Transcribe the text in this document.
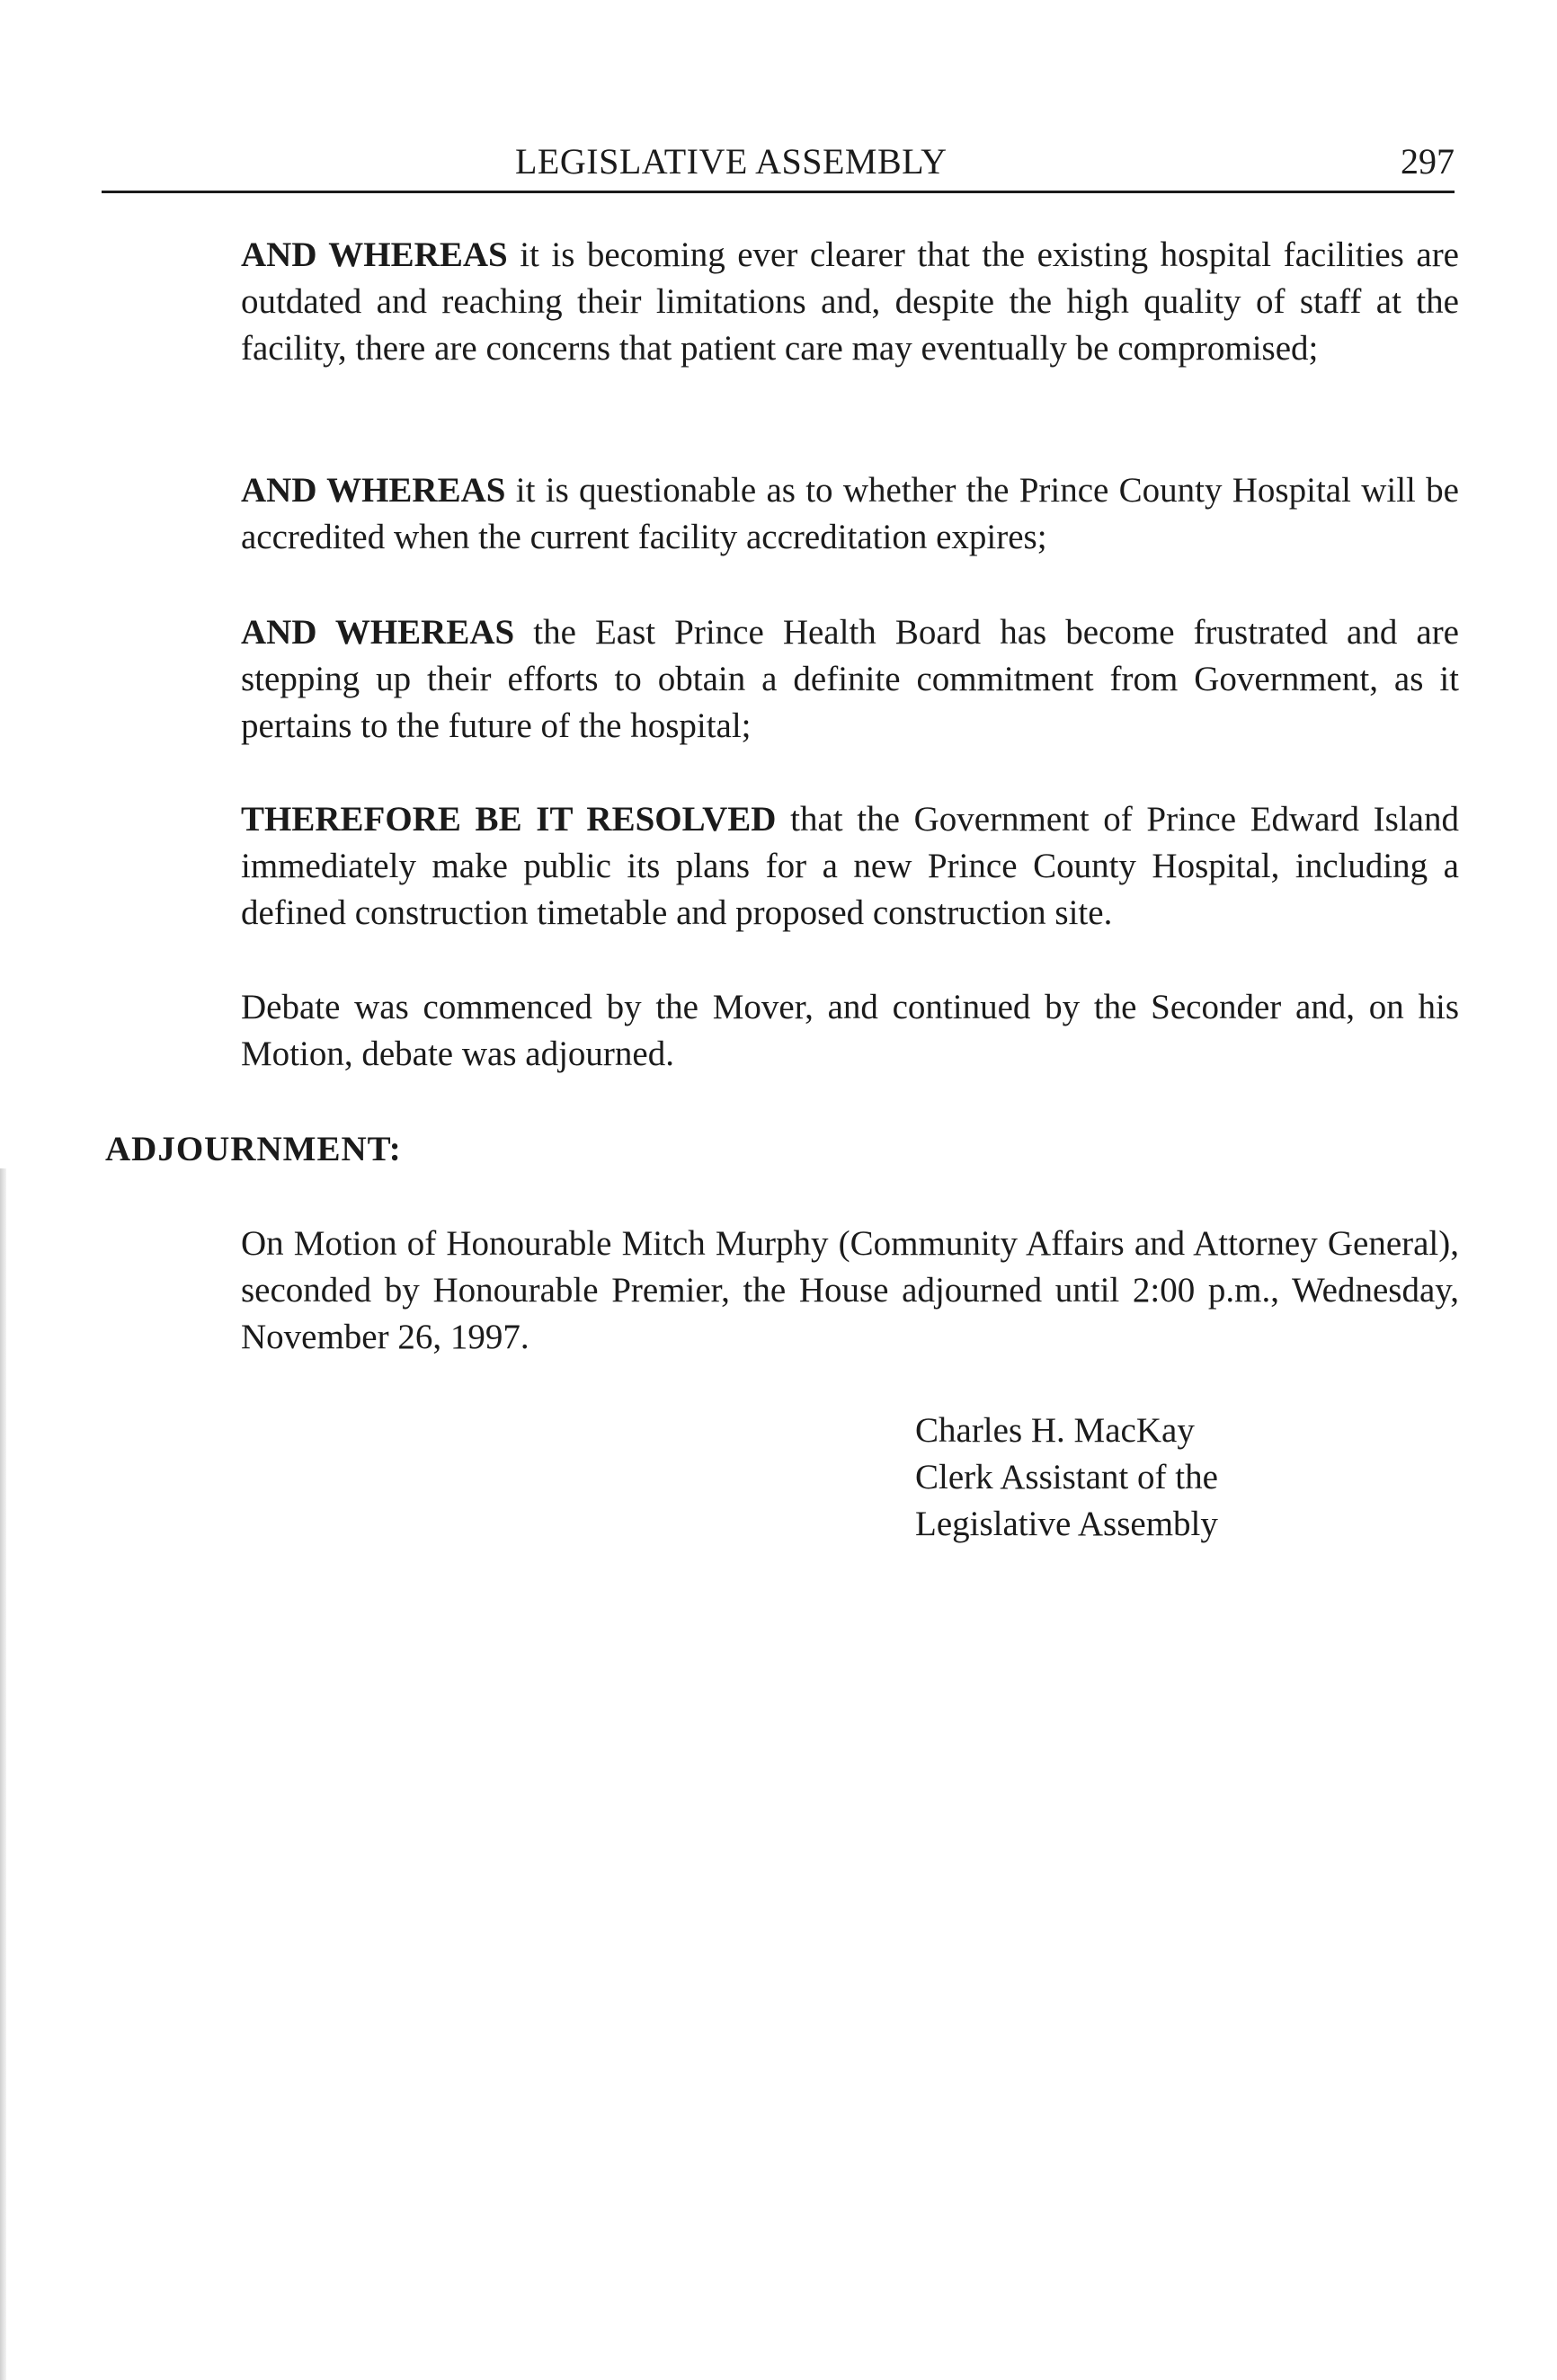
LEGISLATIVE ASSEMBLY	297

AND WHEREAS it is becoming ever clearer that the existing hospital facilities are outdated and reaching their limitations and, despite the high quality of staff at the facility, there are concerns that patient care may eventually be compromised;

AND WHEREAS it is questionable as to whether the Prince County Hospital will be accredited when the current facility accreditation expires;

AND WHEREAS the East Prince Health Board has become frustrated and are stepping up their efforts to obtain a definite commitment from Government, as it pertains to the future of the hospital;

THEREFORE BE IT RESOLVED that the Government of Prince Edward Island immediately make public its plans for a new Prince County Hospital, including a defined construction timetable and proposed construction site.

Debate was commenced by the Mover, and continued by the Seconder and, on his Motion, debate was adjourned.

ADJOURNMENT:

On Motion of Honourable Mitch Murphy (Community Affairs and Attorney General), seconded by Honourable Premier, the House adjourned until 2:00 p.m., Wednesday, November 26, 1997.

Charles H. MacKay
Clerk Assistant of the
Legislative Assembly
